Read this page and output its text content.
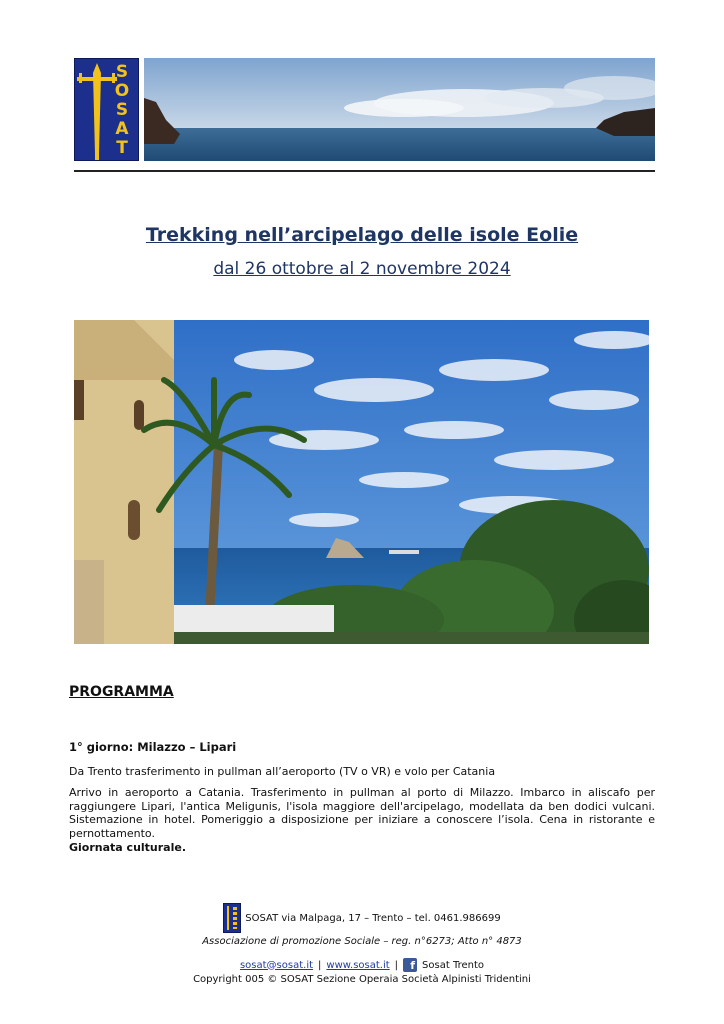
S
O
S
A
T
Trekking nell’arcipelago delle isole Eolie
dal 26 ottobre al 2 novembre 2024
PROGRAMMA
1° giorno: Milazzo – Lipari
Da Trento trasferimento in pullman all’aeroporto (TV o VR) e volo per Catania
Arrivo in aeroporto a Catania. Trasferimento in pullman al porto di Milazzo. Imbarco in aliscafo per raggiungere Lipari, l'antica Meligunis, l'isola maggiore dell'arcipelago, modellata da ben dodici vulcani. Sistemazione in hotel. Pomeriggio a disposizione per iniziare a conoscere l’isola. Cena in ristorante e pernottamento.
Giornata culturale.
SOSAT via Malpaga, 17 – Trento – tel. 0461.986699
Associazione di promozione Sociale – reg. n°6273; Atto n° 4873
sosat@sosat.it | www.sosat.it |	f Sosat Trento
Copyright 005 © SOSAT Sezione Operaia Società Alpinisti Tridentini
